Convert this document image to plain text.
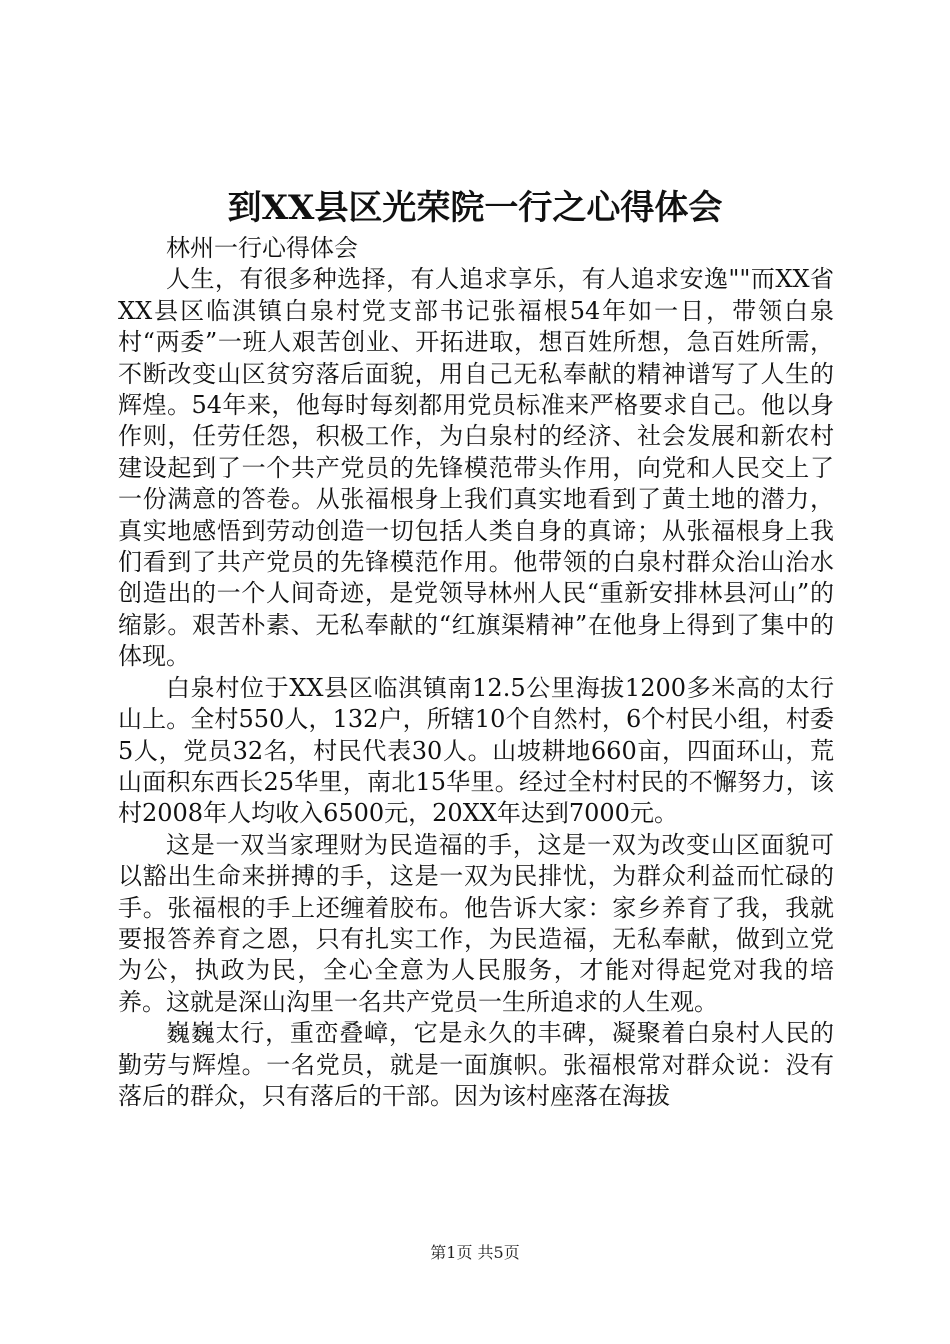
到XX县区光荣院一行之心得体会

林州一行心得体会

人生，有很多种选择，有人追求享乐，有人追求安逸""而XX省XX县区临淇镇白泉村党支部书记张福根54年如一日，带领白泉村“两委”一班人艰苦创业、开拓进取，想百姓所想，急百姓所需，不断改变山区贫穷落后面貌，用自己无私奉献的精神谱写了人生的辉煌。54年来，他每时每刻都用党员标准来严格要求自己。他以身作则，任劳任怨，积极工作，为白泉村的经济、社会发展和新农村建设起到了一个共产党员的先锋模范带头作用，向党和人民交上了一份满意的答卷。从张福根身上我们真实地看到了黄土地的潜力，真实地感悟到劳动创造一切包括人类自身的真谛；从张福根身上我们看到了共产党员的先锋模范作用。他带领的白泉村群众治山治水创造出的一个人间奇迹，是党领导林州人民“重新安排林县河山”的缩影。艰苦朴素、无私奉献的“红旗渠精神”在他身上得到了集中的体现。

白泉村位于XX县区临淇镇南12.5公里海拔1200多米高的太行山上。全村550人，132户，所辖10个自然村，6个村民小组，村委5人，党员32名，村民代表30人。山坡耕地660亩，四面环山，荒山面积东西长25华里，南北15华里。经过全村村民的不懈努力，该村2008年人均收入6500元，20XX年达到7000元。

这是一双当家理财为民造福的手，这是一双为改变山区面貌可以豁出生命来拼搏的手，这是一双为民排忧，为群众利益而忙碌的手。张福根的手上还缠着胶布。他告诉大家：家乡养育了我，我就要报答养育之恩，只有扎实工作，为民造福，无私奉献，做到立党为公，执政为民，全心全意为人民服务，才能对得起党对我的培养。这就是深山沟里一名共产党员一生所追求的人生观。

巍巍太行，重峦叠嶂，它是永久的丰碑，凝聚着白泉村人民的勤劳与辉煌。一名党员，就是一面旗帜。张福根常对群众说：没有落后的群众，只有落后的干部。因为该村座落在海拔

第1页 共5页
